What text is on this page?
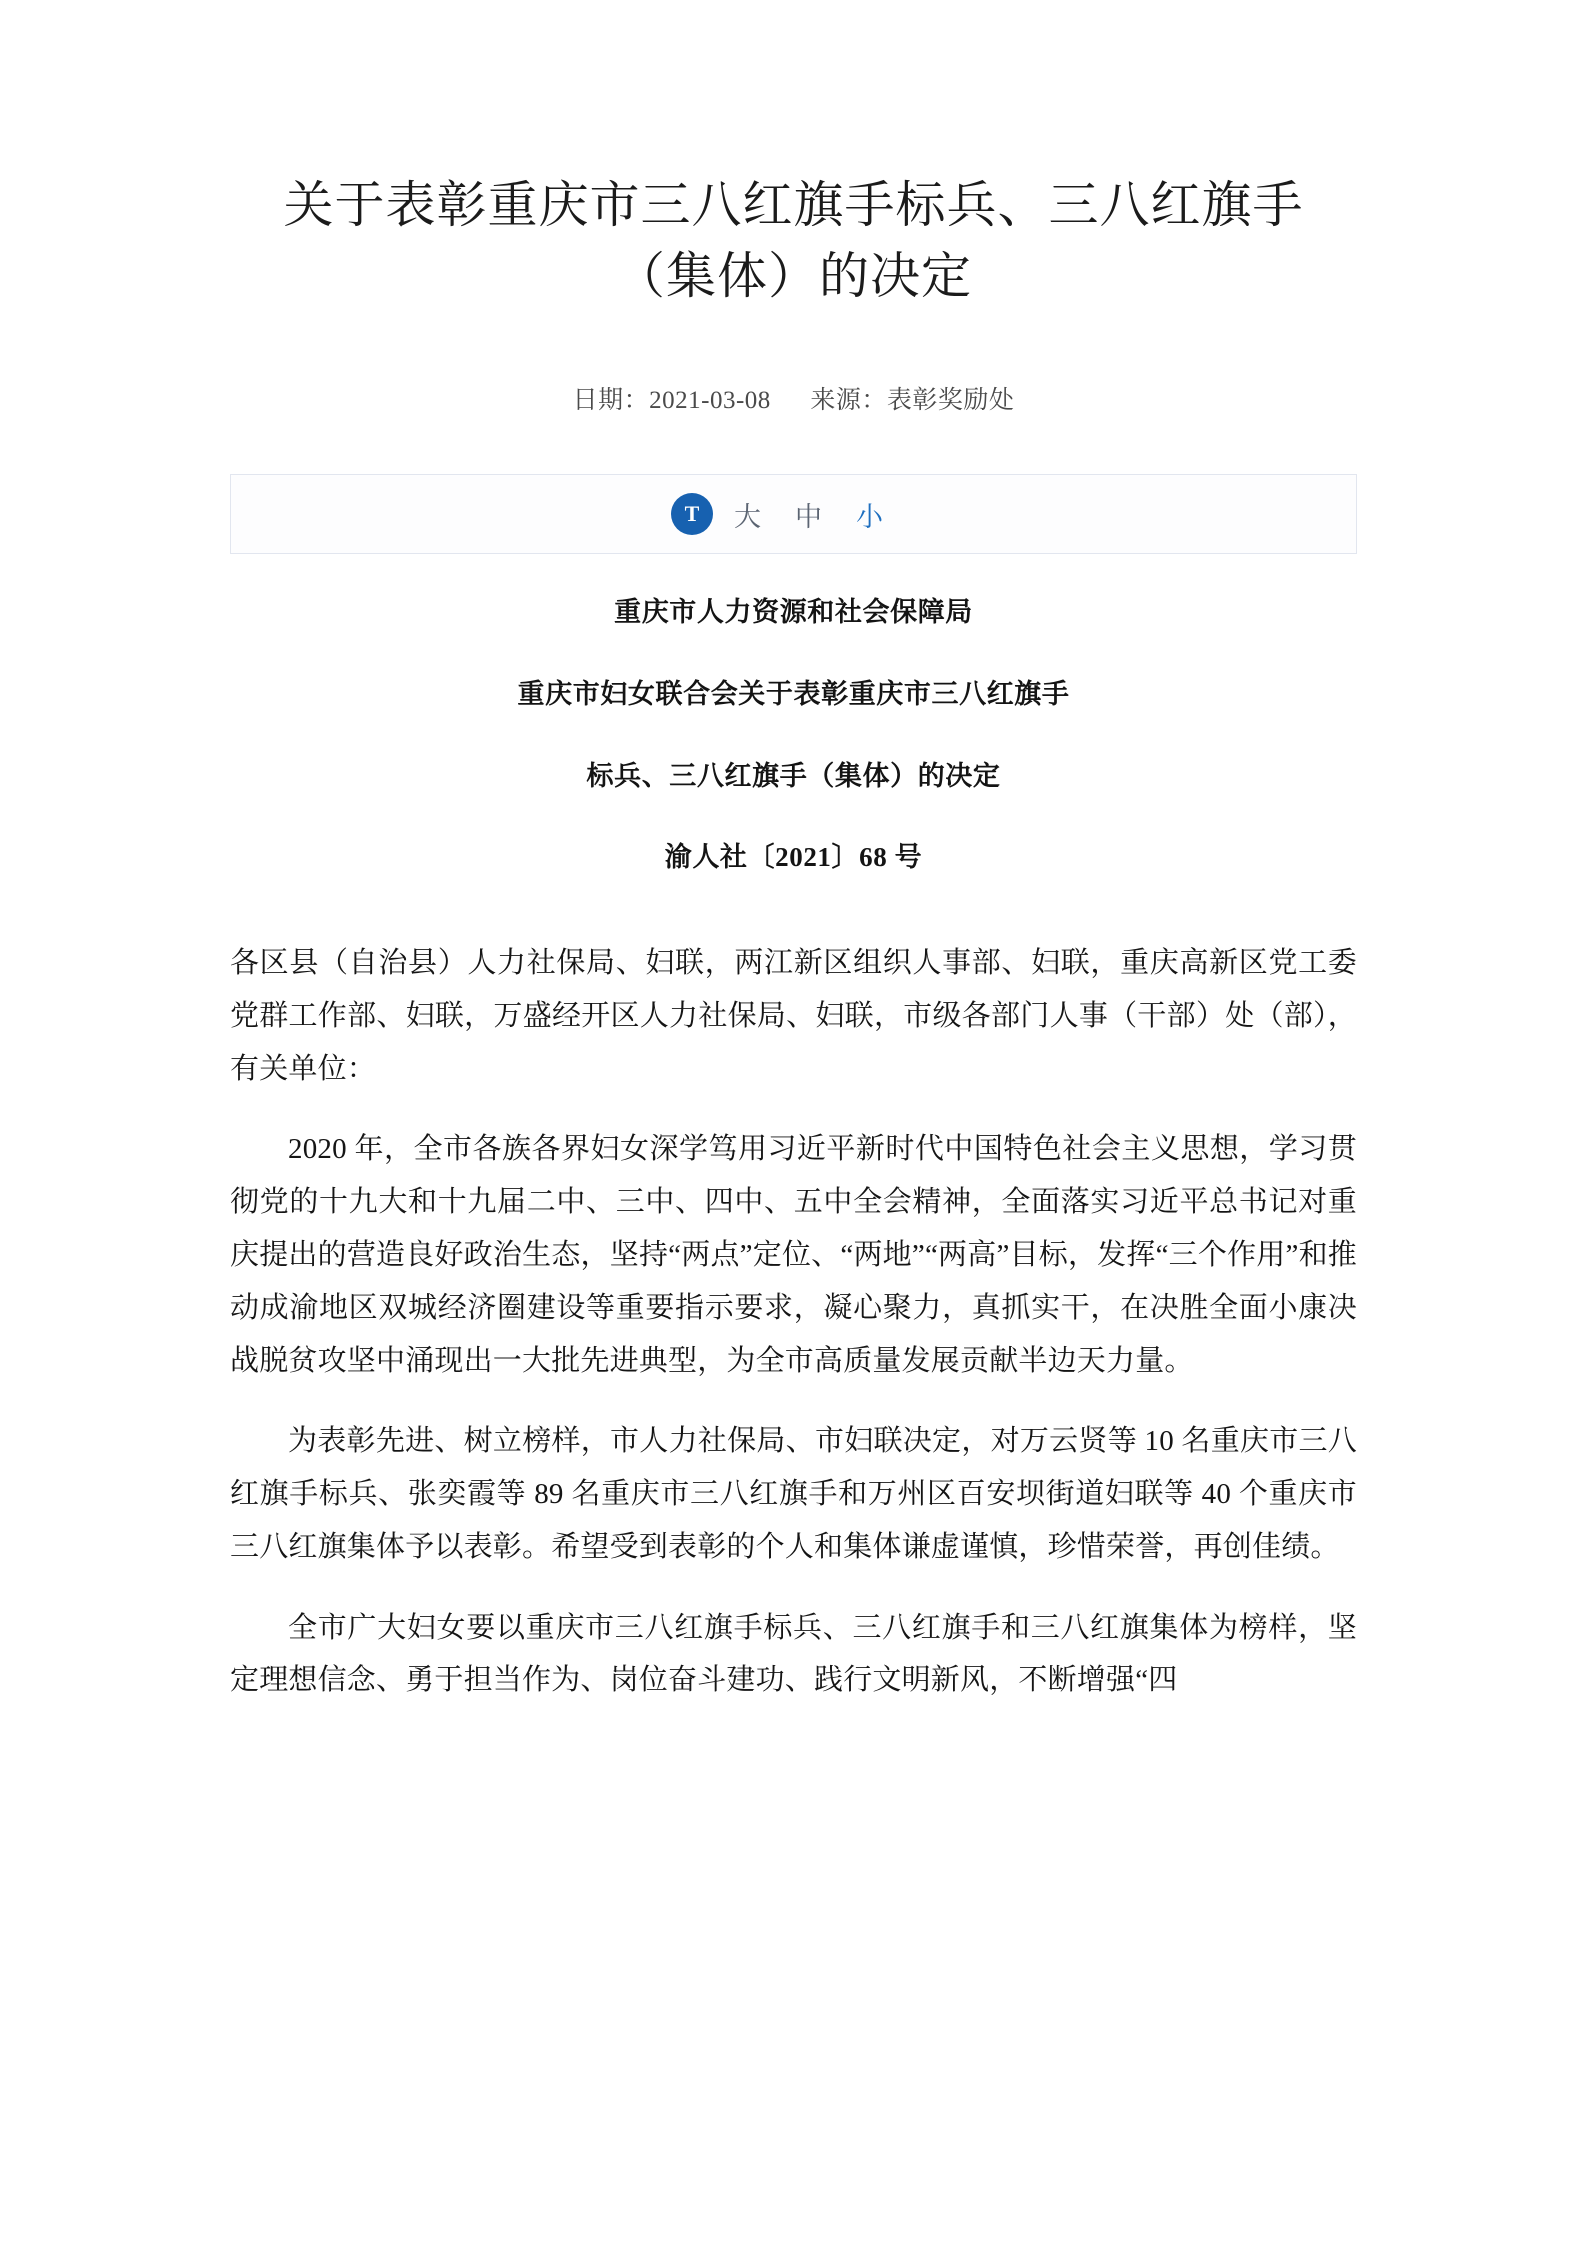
关于表彰重庆市三八红旗手标兵、三八红旗手（集体）的决定
日期：2021-03-08 来源：表彰奖励处
T	大	中	小

重庆市人力资源和社会保障局

重庆市妇女联合会关于表彰重庆市三八红旗手

标兵、三八红旗手（集体）的决定

渝人社〔2021〕68 号

各区县（自治县）人力社保局、妇联，两江新区组织人事部、妇联，重庆高新区党工委党群工作部、妇联，万盛经开区人力社保局、妇联，市级各部门人事（干部）处（部），有关单位：

2020 年，全市各族各界妇女深学笃用习近平新时代中国特色社会主义思想，学习贯彻党的十九大和十九届二中、三中、四中、五中全会精神，全面落实习近平总书记对重庆提出的营造良好政治生态，坚持“两点”定位、“两地”“两高”目标，发挥“三个作用”和推动成渝地区双城经济圈建设等重要指示要求，凝心聚力，真抓实干，在决胜全面小康决战脱贫攻坚中涌现出一大批先进典型，为全市高质量发展贡献半边天力量。

为表彰先进、树立榜样，市人力社保局、市妇联决定，对万云贤等 10 名重庆市三八红旗手标兵、张奕霞等 89 名重庆市三八红旗手和万州区百安坝街道妇联等 40 个重庆市三八红旗集体予以表彰。希望受到表彰的个人和集体谦虚谨慎，珍惜荣誉，再创佳绩。

全市广大妇女要以重庆市三八红旗手标兵、三八红旗手和三八红旗集体为榜样，坚定理想信念、勇于担当作为、岗位奋斗建功、践行文明新风，不断增强“四
